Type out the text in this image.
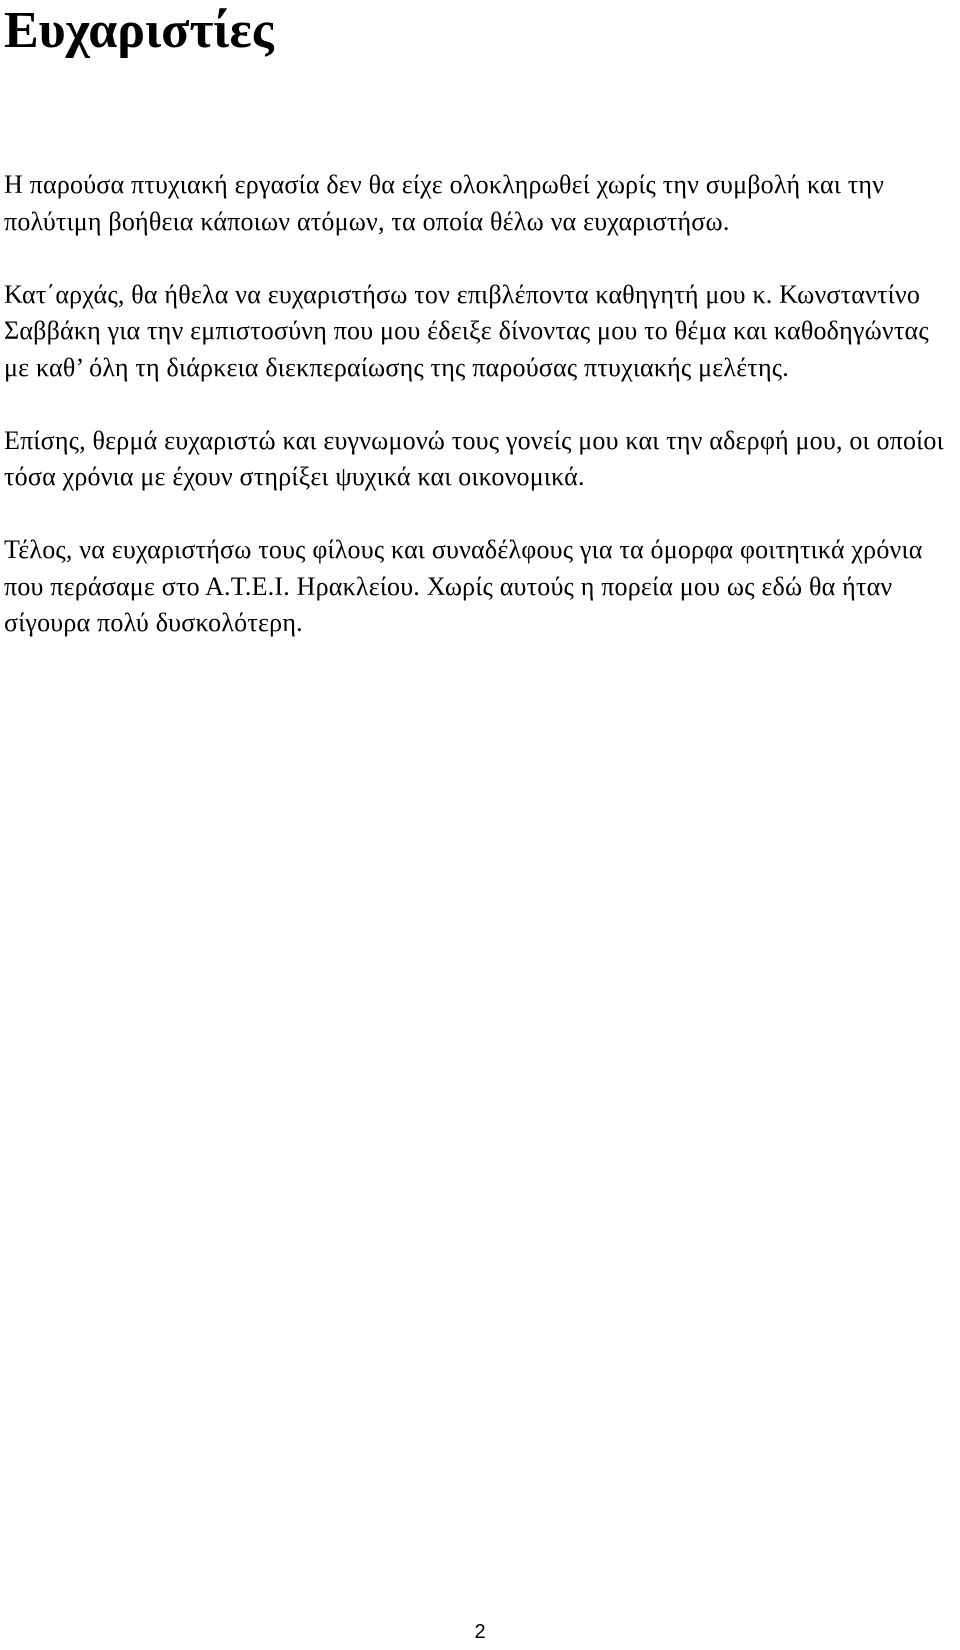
Ευχαριστίες

Η παρούσα πτυχιακή εργασία δεν θα είχε ολοκληρωθεί χωρίς την συμβολή και την πολύτιμη βοήθεια κάποιων ατόμων, τα οποία θέλω να ευχαριστήσω.

Κατ΄αρχάς, θα ήθελα να ευχαριστήσω τον επιβλέποντα καθηγητή μου κ. Κωνσταντίνο Σαββάκη για την εμπιστοσύνη που μου έδειξε δίνοντας μου το θέμα και καθοδηγώντας με καθ’ όλη τη διάρκεια διεκπεραίωσης της παρούσας πτυχιακής μελέτης.

Επίσης, θερμά ευχαριστώ και ευγνωμονώ τους γονείς μου και την αδερφή μου, οι οποίοι τόσα χρόνια με έχουν στηρίξει ψυχικά και οικονομικά.

Τέλος, να ευχαριστήσω τους φίλους και συναδέλφους για τα όμορφα φοιτητικά χρόνια που περάσαμε στο Α.Τ.Ε.Ι. Ηρακλείου. Χωρίς αυτούς η πορεία μου ως εδώ θα ήταν σίγουρα πολύ δυσκολότερη.

2
